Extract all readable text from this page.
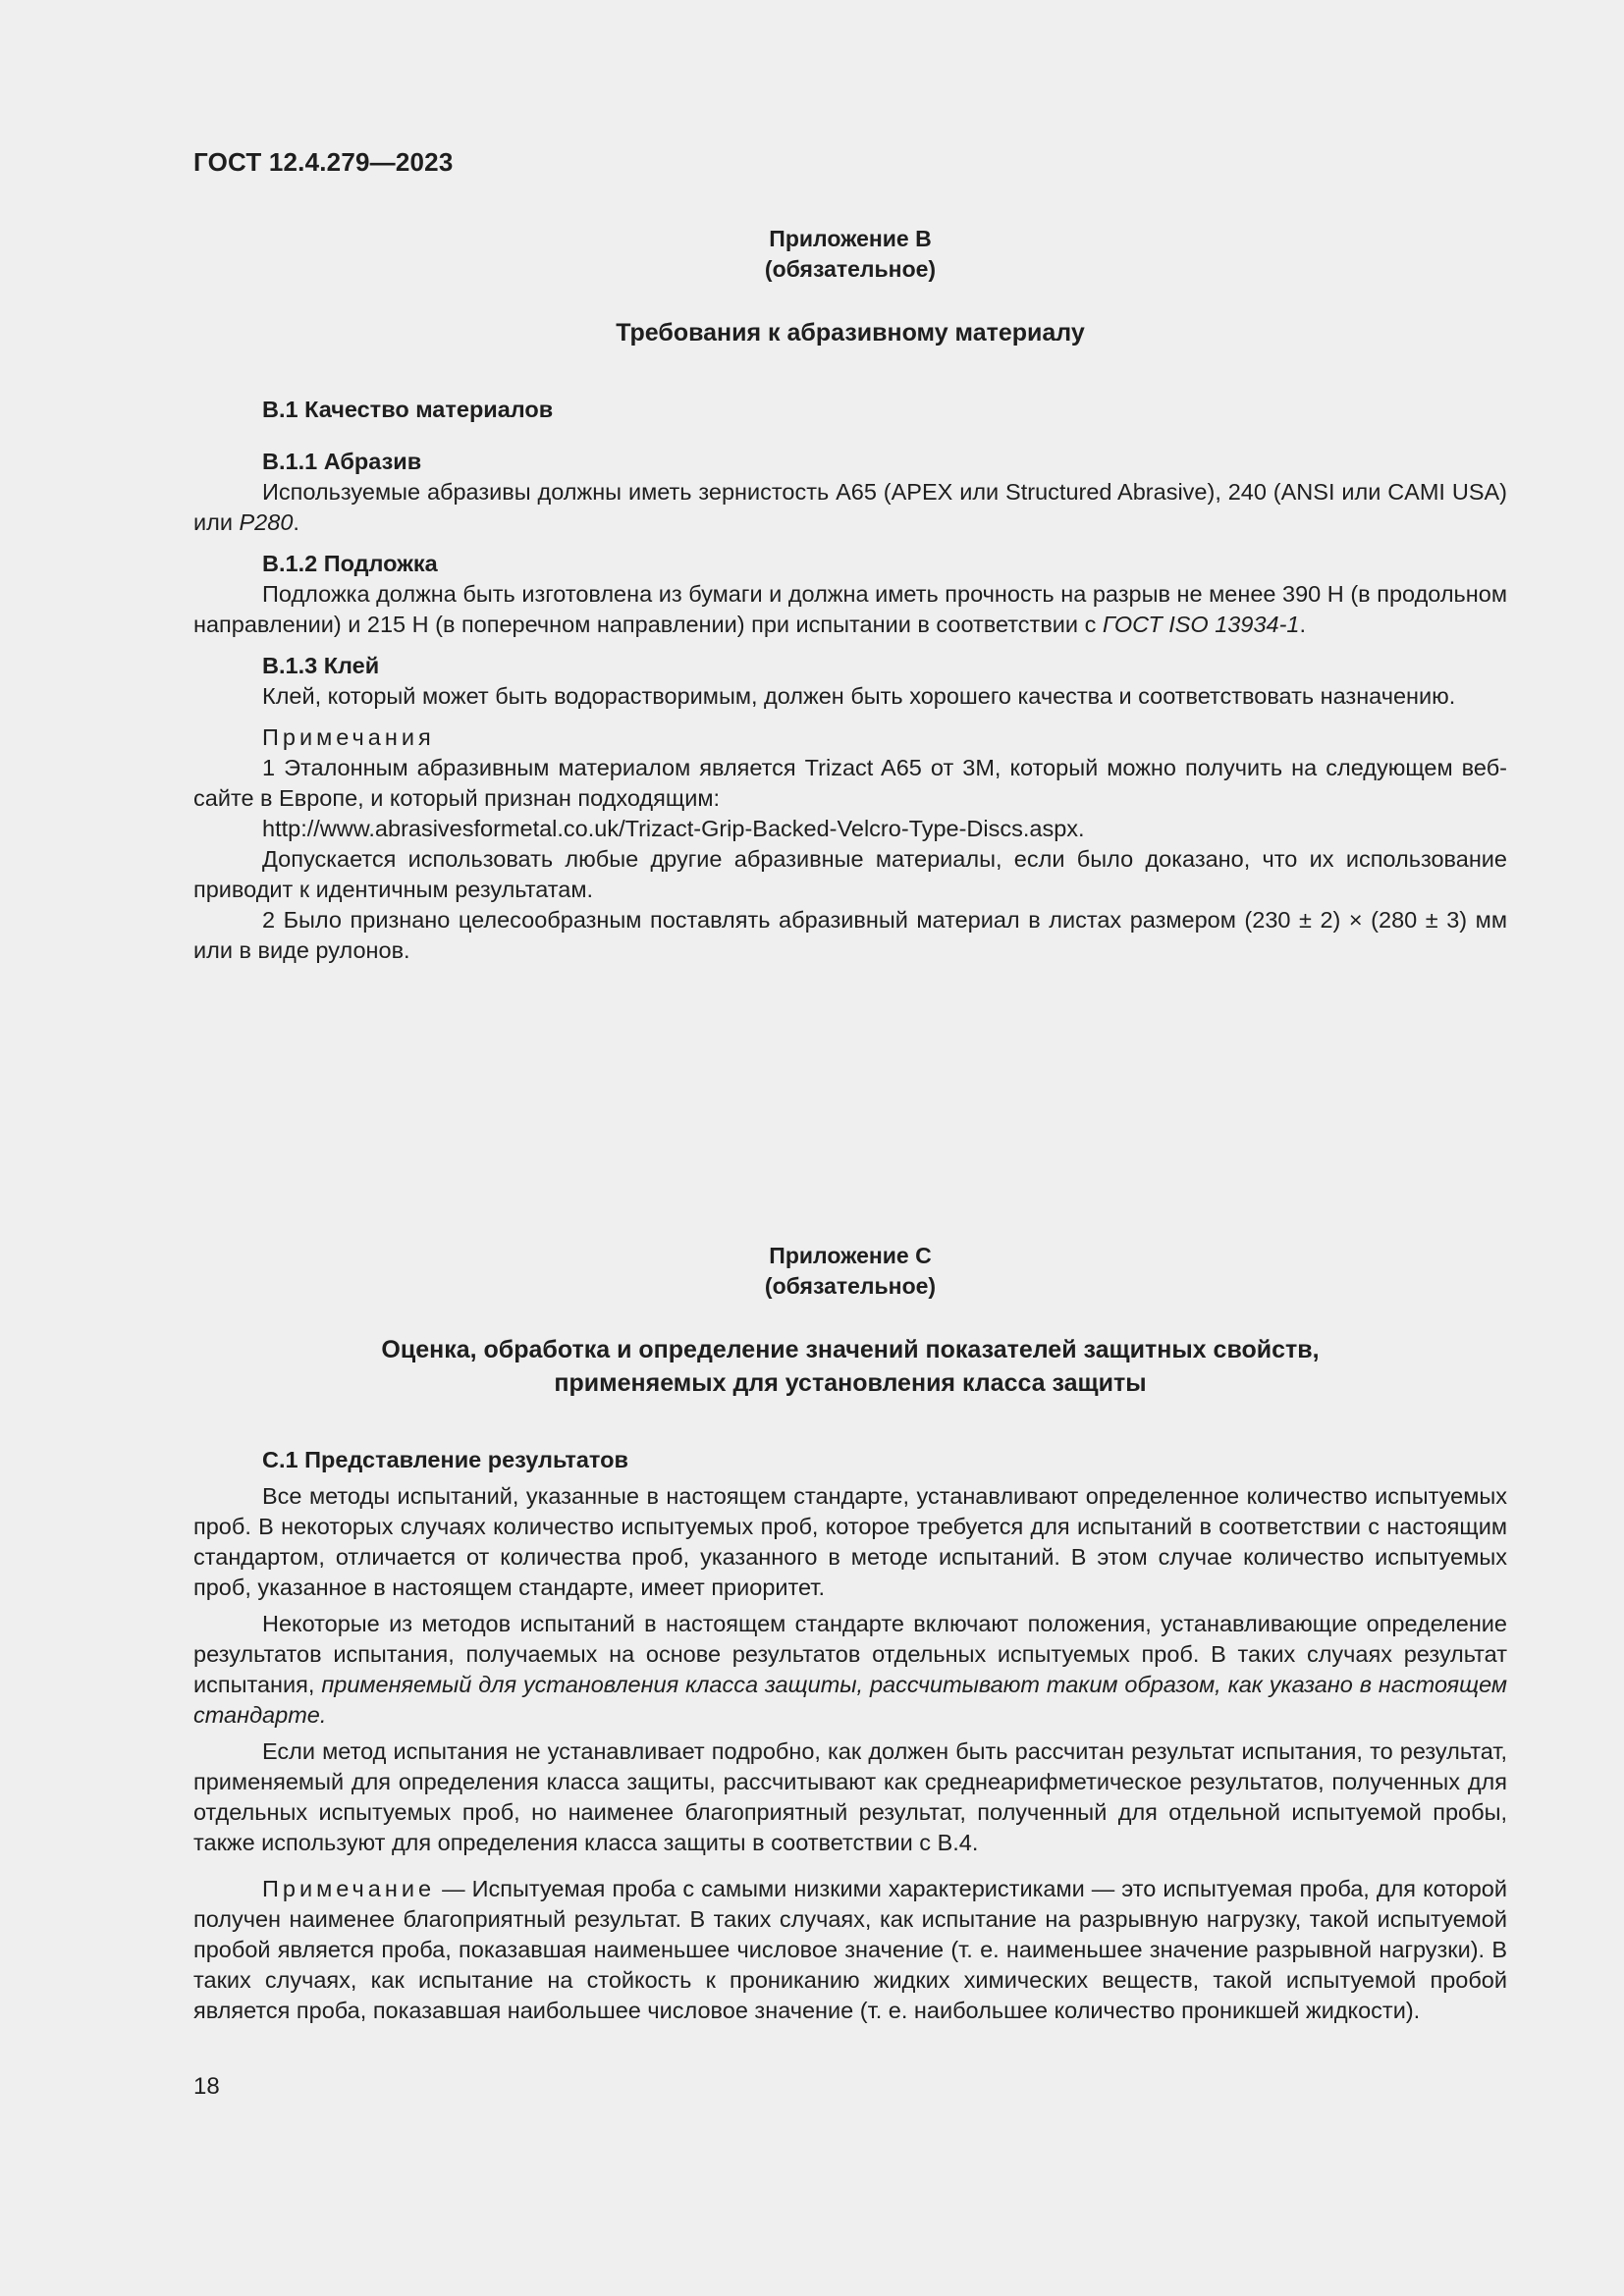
ГОСТ 12.4.279—2023
Приложение В
(обязательное)
Требования к абразивному материалу

В.1 Качество материалов

В.1.1 Абразив

Используемые абразивы должны иметь зернистость А65 (APEX или Structured Abrasive), 240 (ANSI или CAMI USA) или Р280.

В.1.2 Подложка

Подложка должна быть изготовлена из бумаги и должна иметь прочность на разрыв не менее 390 Н (в продольном направлении) и 215 Н (в поперечном направлении) при испытании в соответствии с ГОСТ ISO 13934-1.

В.1.3 Клей

Клей, который может быть водорастворимым, должен быть хорошего качества и соответствовать назначению.

Примечания

1 Эталонным абразивным материалом является Trizact A65 от 3M, который можно получить на следующем веб-сайте в Европе, и который признан подходящим:

http://www.abrasivesformetal.co.uk/Trizact-Grip-Backed-Velcro-Type-Discs.aspx.

Допускается использовать любые другие абразивные материалы, если было доказано, что их использование приводит к идентичным результатам.

2 Было признано целесообразным поставлять абразивный материал в листах размером (230 ± 2) × (280 ± 3) мм или в виде рулонов.

Приложение С
(обязательное)
Оценка, обработка и определение значений показателей защитных свойств,
применяемых для установления класса защиты

С.1 Представление результатов

Все методы испытаний, указанные в настоящем стандарте, устанавливают определенное количество испытуемых проб. В некоторых случаях количество испытуемых проб, которое требуется для испытаний в соответствии с настоящим стандартом, отличается от количества проб, указанного в методе испытаний. В этом случае количество испытуемых проб, указанное в настоящем стандарте, имеет приоритет.

Некоторые из методов испытаний в настоящем стандарте включают положения, устанавливающие определение результатов испытания, получаемых на основе результатов отдельных испытуемых проб. В таких случаях результат испытания, применяемый для установления класса защиты, рассчитывают таким образом, как указано в настоящем стандарте.

Если метод испытания не устанавливает подробно, как должен быть рассчитан результат испытания, то результат, применяемый для определения класса защиты, рассчитывают как среднеарифметическое результатов, полученных для отдельных испытуемых проб, но наименее благоприятный результат, полученный для отдельной испытуемой пробы, также используют для определения класса защиты в соответствии с В.4.

Примечание — Испытуемая проба с самыми низкими характеристиками — это испытуемая проба, для которой получен наименее благоприятный результат. В таких случаях, как испытание на разрывную нагрузку, такой испытуемой пробой является проба, показавшая наименьшее числовое значение (т. е. наименьшее значение разрывной нагрузки). В таких случаях, как испытание на стойкость к прониканию жидких химических веществ, такой испытуемой пробой является проба, показавшая наибольшее числовое значение (т. е. наибольшее количество проникшей жидкости).

18
